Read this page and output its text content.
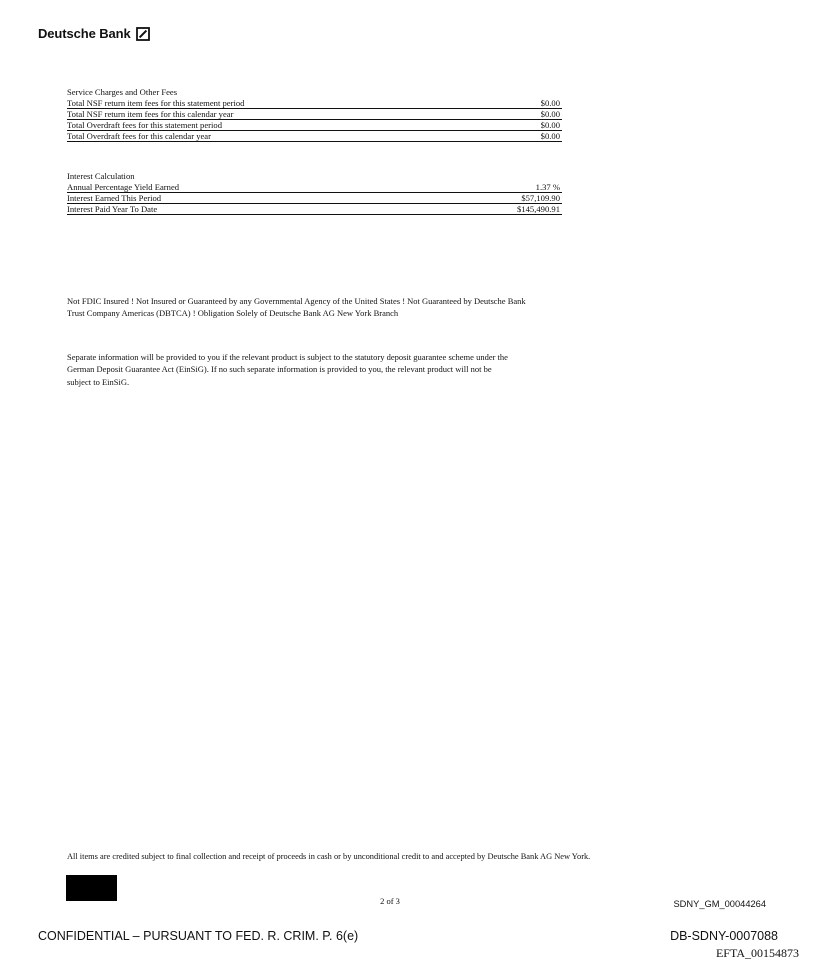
Deutsche Bank
Service Charges and Other Fees
Total NSF return item fees for this statement period	$0.00
Total NSF return item fees for this calendar year	$0.00
Total Overdraft fees for this statement period	$0.00
Total Overdraft fees for this calendar year	$0.00
Interest Calculation
Annual Percentage Yield Earned	1.37 %
Interest Earned This Period	$57,109.90
Interest Paid Year To Date	$145,490.91
Not FDIC Insured ! Not Insured or Guaranteed by any Governmental Agency of the United States ! Not Guaranteed by Deutsche Bank Trust Company Americas (DBTCA) ! Obligation Solely of Deutsche Bank AG New York Branch
Separate information will be provided to you if the relevant product is subject to the statutory deposit guarantee scheme under the German Deposit Guarantee Act (EinSiG). If no such separate information is provided to you, the relevant product will not be subject to EinSiG.
All items are credited subject to final collection and receipt of proceeds in cash or by unconditional credit to and accepted by Deutsche Bank AG New York.
2 of 3	SDNY_GM_00044264
CONFIDENTIAL – PURSUANT TO FED. R. CRIM. P. 6(e)	DB-SDNY-0007088
EFTA_00154873
